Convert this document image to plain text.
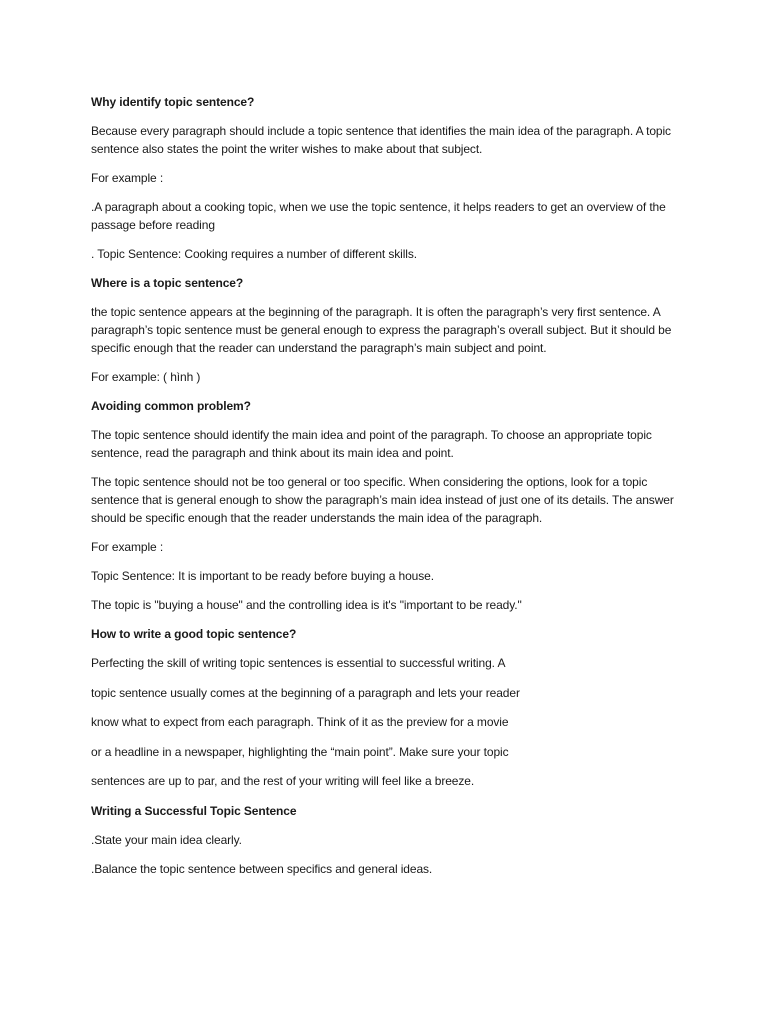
Why identify topic sentence?

Because every paragraph should include a topic sentence that identifies the main idea of the paragraph. A topic sentence also states the point the writer wishes to make about that subject.

For example :

.A paragraph about a cooking topic, when we use the topic sentence, it helps readers to get an overview of the passage before reading

. Topic Sentence: Cooking requires a number of different skills.

Where is a topic sentence?

the topic sentence appears at the beginning of the paragraph. It is often the paragraph’s very first sentence. A paragraph’s topic sentence must be general enough to express the paragraph’s overall subject. But it should be specific enough that the reader can understand the paragraph’s main subject and point.

For example: ( hình )

Avoiding common problem?

The topic sentence should identify the main idea and point of the paragraph. To choose an appropriate topic sentence, read the paragraph and think about its main idea and point.

The topic sentence should not be too general or too specific. When considering the options, look for a topic sentence that is general enough to show the paragraph’s main idea instead of just one of its details. The answer should be specific enough that the reader understands the main idea of the paragraph.

For example :

Topic Sentence: It is important to be ready before buying a house.

The topic is "buying a house" and the controlling idea is it's "important to be ready."

How to write a good topic sentence?

Perfecting the skill of writing topic sentences is essential to successful writing. A

topic sentence usually comes at the beginning of a paragraph and lets your reader

know what to expect from each paragraph. Think of it as the preview for a movie

or a headline in a newspaper, highlighting the “main point”. Make sure your topic

sentences are up to par, and the rest of your writing will feel like a breeze.

Writing a Successful Topic Sentence

.State your main idea clearly.

.Balance the topic sentence between specifics and general ideas.
